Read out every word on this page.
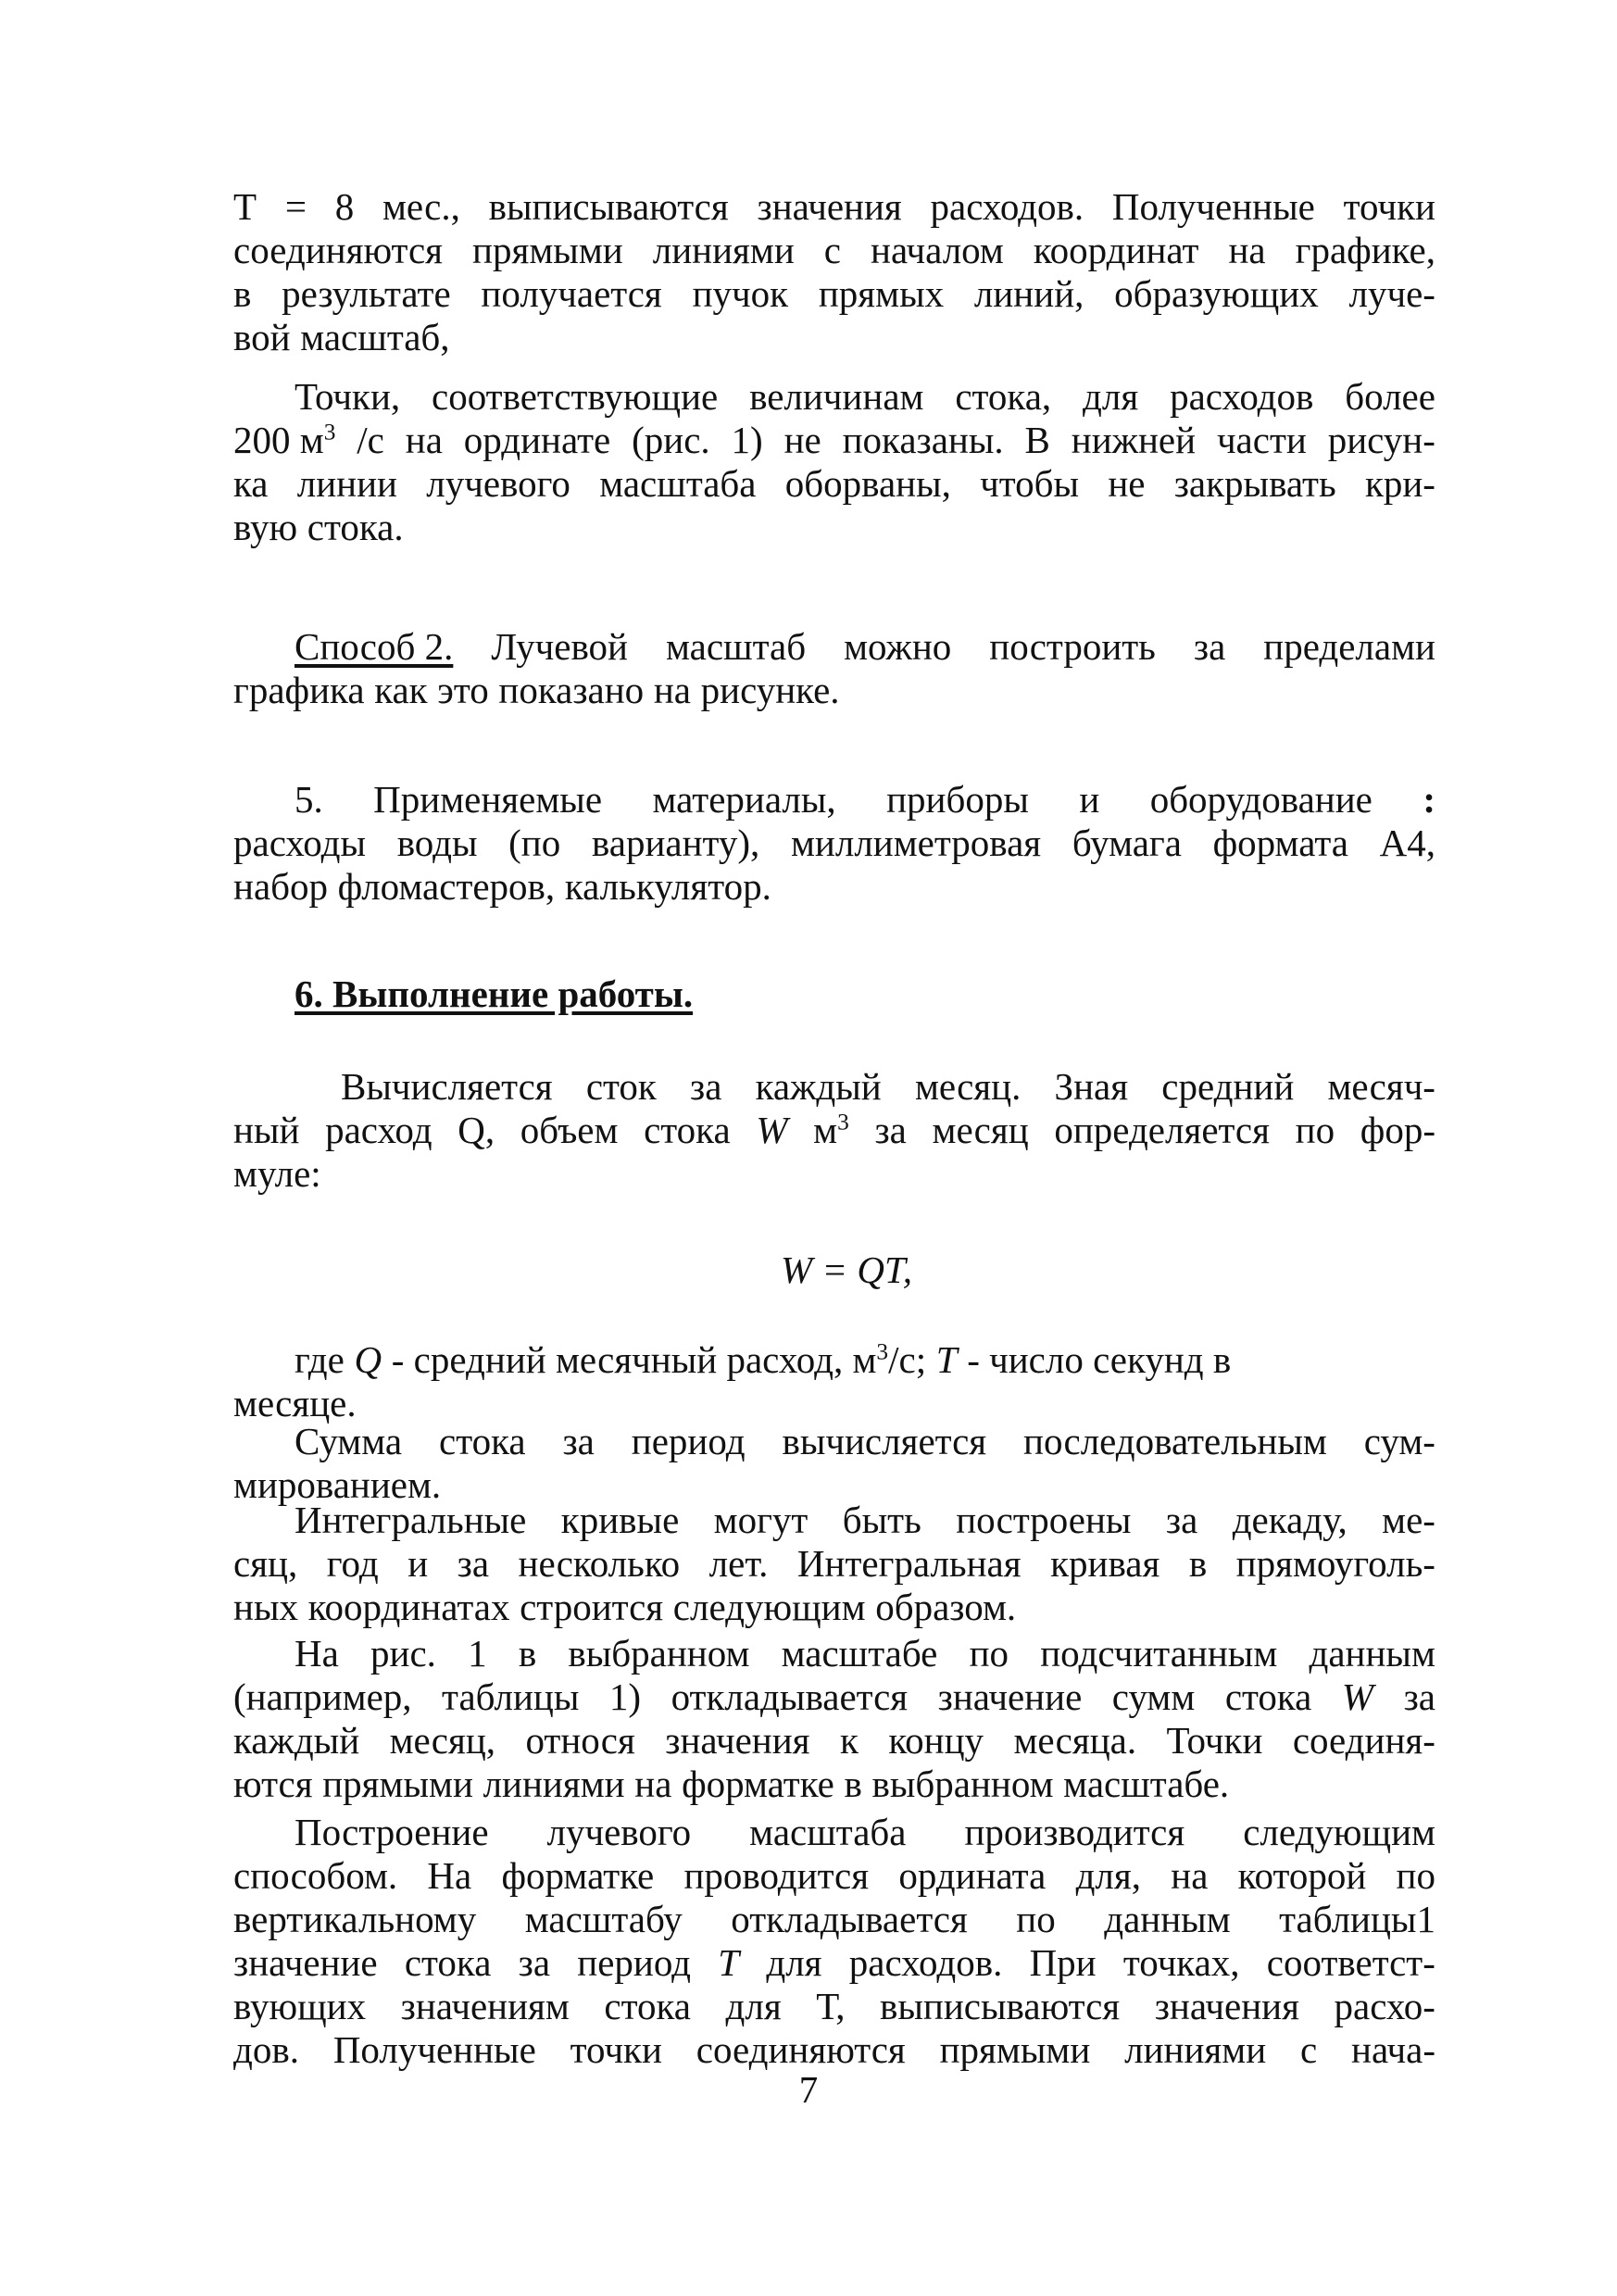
Т = 8 мес., выписываются значения расходов. Полученные точки
соединяются прямыми линиями с началом координат на графике,
в результате получается пучок прямых линий, образующих луче-
вой масштаб,
Точки, соответствующие величинам стока, для расходов более
200 $м^3$ /с на ординате (рис. 1) не показаны. В нижней части рисун-
ка линии лучевого масштаба оборваны, чтобы не закрывать кри-
вую стока.
Способ 2. Лучевой масштаб можно построить за пределами
графика как это показано на рисунке.
5. Применяемые материалы, приборы и оборудование :
расходы воды (по варианту), миллиметровая бумага формата А4,
набор фломастеров, калькулятор.
6. Выполнение работы.
Вычисляется сток за каждый месяц. Зная средний месяч-
ный расход Q, объем стока W $м^3$ за месяц определяется по фор-
муле:
W = QT,
где Q - средний месячный расход, $м^3/с$; T - число секунд в
месяце.
Сумма стока за период вычисляется последовательным сум-
мированием.
Интегральные кривые могут быть построены за декаду, ме-
сяц, год и за несколько лет. Интегральная кривая в прямоуголь-
ных координатах строится следующим образом.
На рис. 1 в выбранном масштабе по подсчитанным данным
(например, таблицы 1) откладывается значение сумм стока W за
каждый месяц, относя значения к концу месяца. Точки соединя-
ются прямыми линиями на форматке в выбранном масштабе.
Построение лучевого масштаба производится следующим
способом. На форматке проводится ордината для, на которой по
вертикальному масштабу откладывается по данным таблицы1
значение стока за период T для расходов. При точках, соответст-
вующих значениям стока для Т, выписываются значения расхо-
дов. Полученные точки соединяются прямыми линиями с нача-
7
